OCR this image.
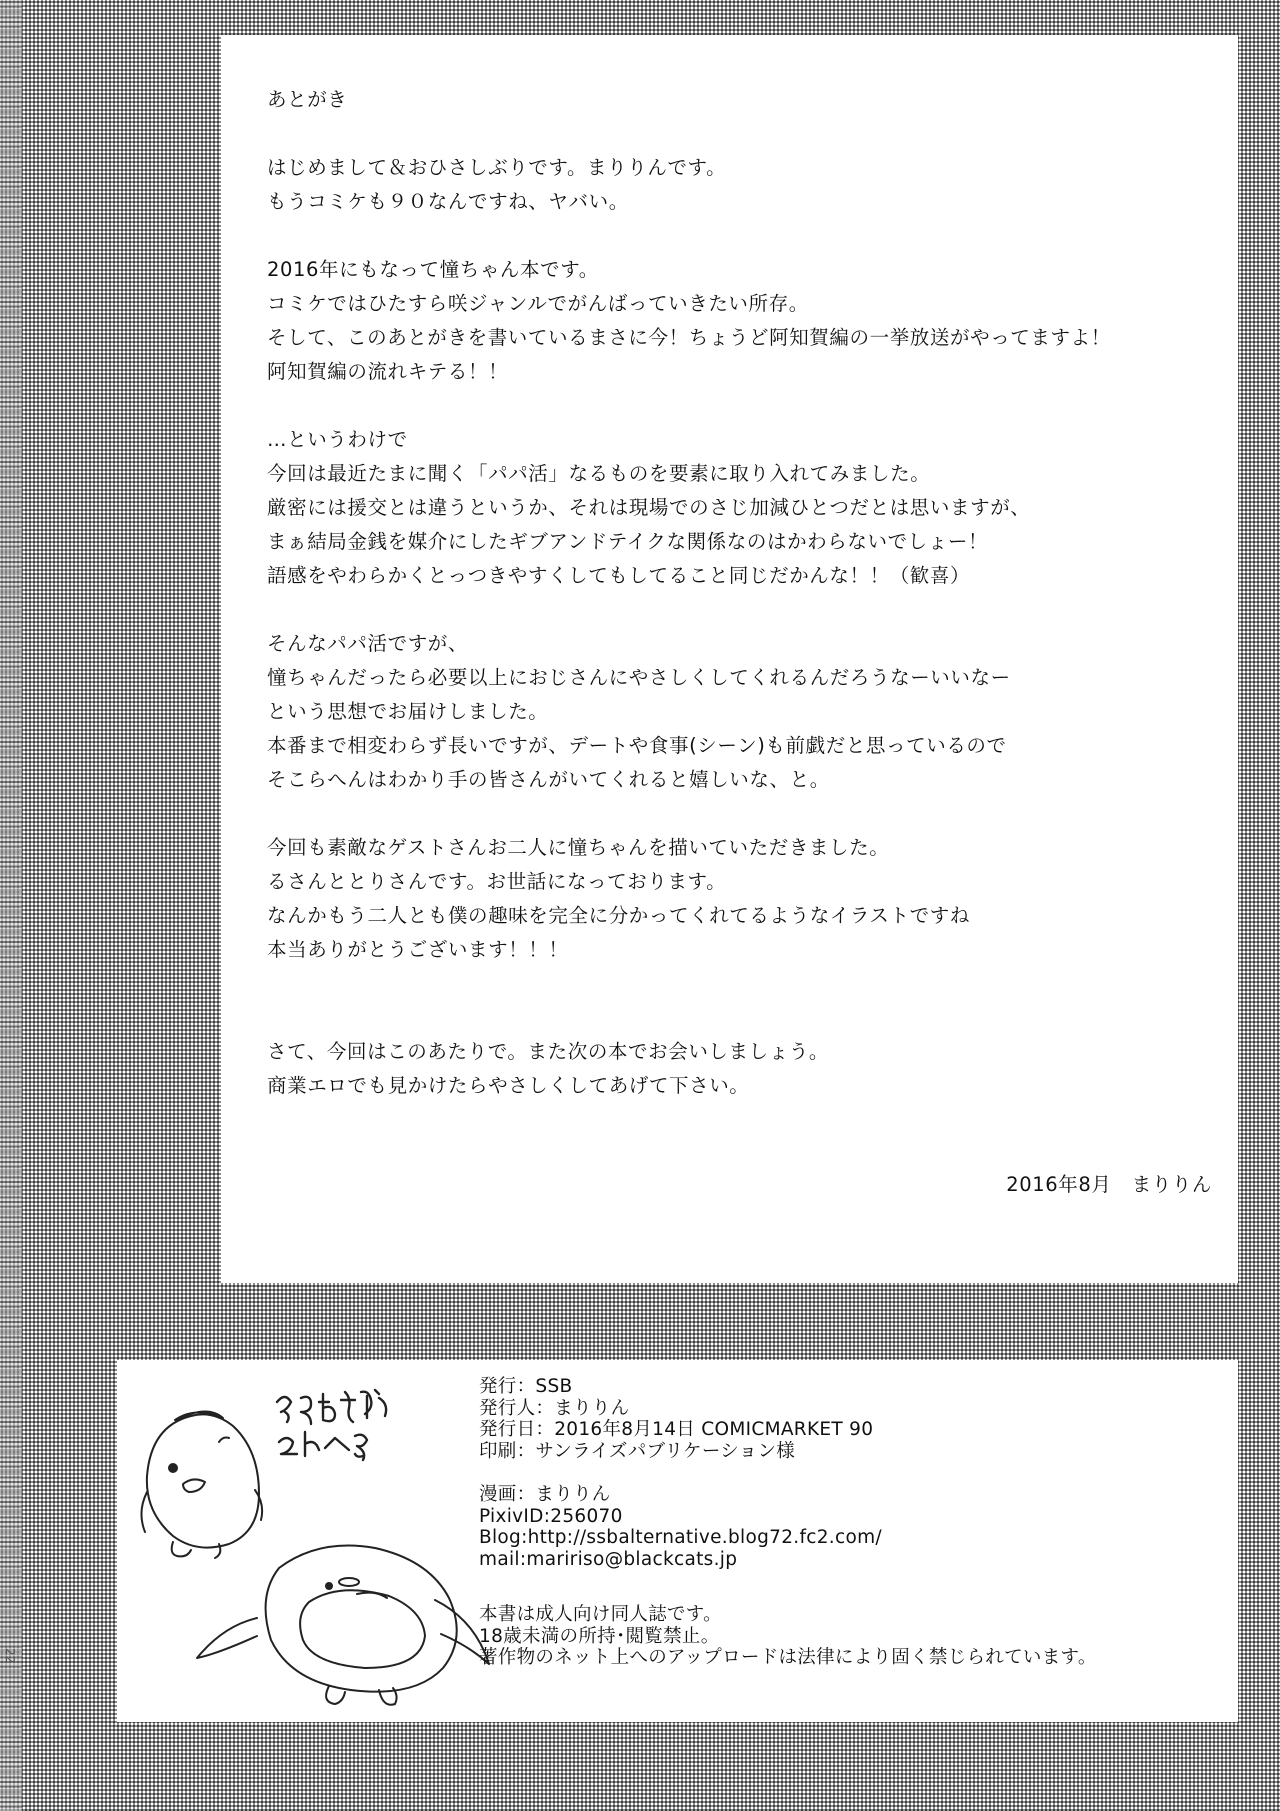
22
あとがき
はじめまして＆おひさしぶりです。まりりんです。
もうコミケも９０なんですね、ヤバい。
2016年にもなって憧ちゃん本です。
コミケではひたすら咲ジャンルでがんばっていきたい所存。
そして、このあとがきを書いているまさに今！ちょうど阿知賀編の一挙放送がやってますよ！
阿知賀編の流れキテる！！
…というわけで
今回は最近たまに聞く「パパ活」なるものを要素に取り入れてみました。
厳密には援交とは違うというか、それは現場でのさじ加減ひとつだとは思いますが、
まぁ結局金銭を媒介にしたギブアンドテイクな関係なのはかわらないでしょー！
語感をやわらかくとっつきやすくしてもしてること同じだかんな！！（歓喜）
そんなパパ活ですが、
憧ちゃんだったら必要以上におじさんにやさしくしてくれるんだろうなーいいなー
という思想でお届けしました。
本番まで相変わらず長いですが、デートや食事(シーン)も前戯だと思っているので
そこらへんはわかり手の皆さんがいてくれると嬉しいな、と。
今回も素敵なゲストさんお二人に憧ちゃんを描いていただきました。
るさんととりさんです。お世話になっております。
なんかもう二人とも僕の趣味を完全に分かってくれてるようなイラストですね
本当ありがとうございます！！！
さて、今回はこのあたりで。また次の本でお会いしましょう。
商業エロでも見かけたらやさしくしてあげて下さい。
2016年8月　まりりん
発行：SSB
発行人：まりりん
発行日：2016年8月14日 COMICMARKET 90
印刷：サンライズパブリケーション様
漫画：まりりん
PixivID:256070
Blog:http://ssbalternative.blog72.fc2.com/
mail:maririso@blackcats.jp
本書は成人向け同人誌です。
18歳未満の所持･閲覧禁止。
著作物のネット上へのアップロードは法律により固く禁じられています。
